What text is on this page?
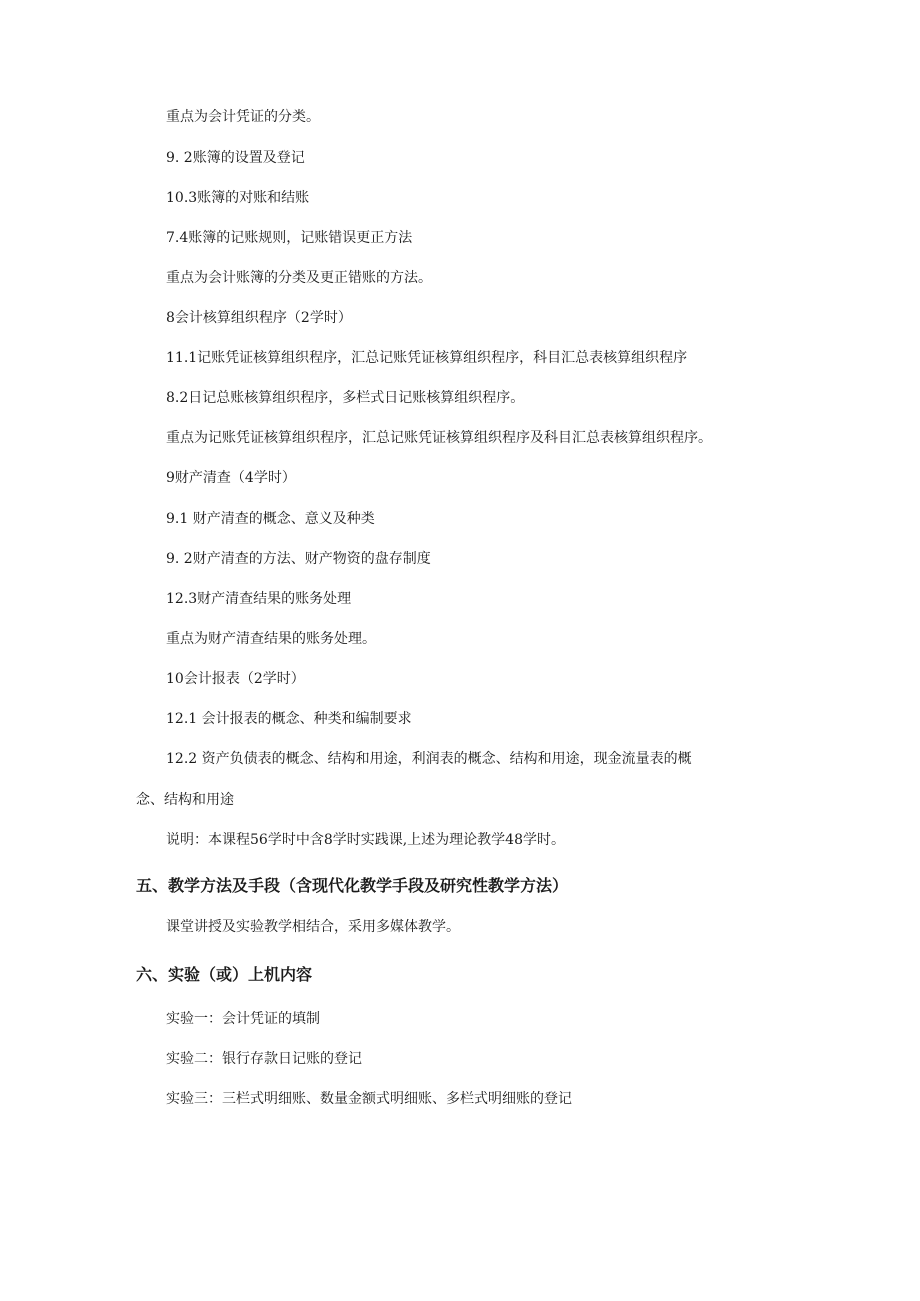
重点为会计凭证的分类。
9. 2账簿的设置及登记
10.3账簿的对账和结账
7.4账簿的记账规则，记账错误更正方法
重点为会计账簿的分类及更正错账的方法。
8会计核算组织程序（2学时）
11.1记账凭证核算组织程序，汇总记账凭证核算组织程序，科目汇总表核算组织程序
8.2日记总账核算组织程序，多栏式日记账核算组织程序。
重点为记账凭证核算组织程序，汇总记账凭证核算组织程序及科目汇总表核算组织程序。
9财产清查（4学时）
9.1 财产清查的概念、意义及种类
9. 2财产清查的方法、财产物资的盘存制度
12.3财产清查结果的账务处理
重点为财产清查结果的账务处理。
10会计报表（2学时）
12.1 会计报表的概念、种类和编制要求
12.2 资产负债表的概念、结构和用途，利润表的概念、结构和用途，现金流量表的概
念、结构和用途
说明：本课程56学时中含8学时实践课,上述为理论教学48学时。
五、教学方法及手段（含现代化教学手段及研究性教学方法）
课堂讲授及实验教学相结合，采用多媒体教学。
六、实验（或）上机内容
实验一：会计凭证的填制
实验二：银行存款日记账的登记
实验三：三栏式明细账、数量金额式明细账、多栏式明细账的登记
